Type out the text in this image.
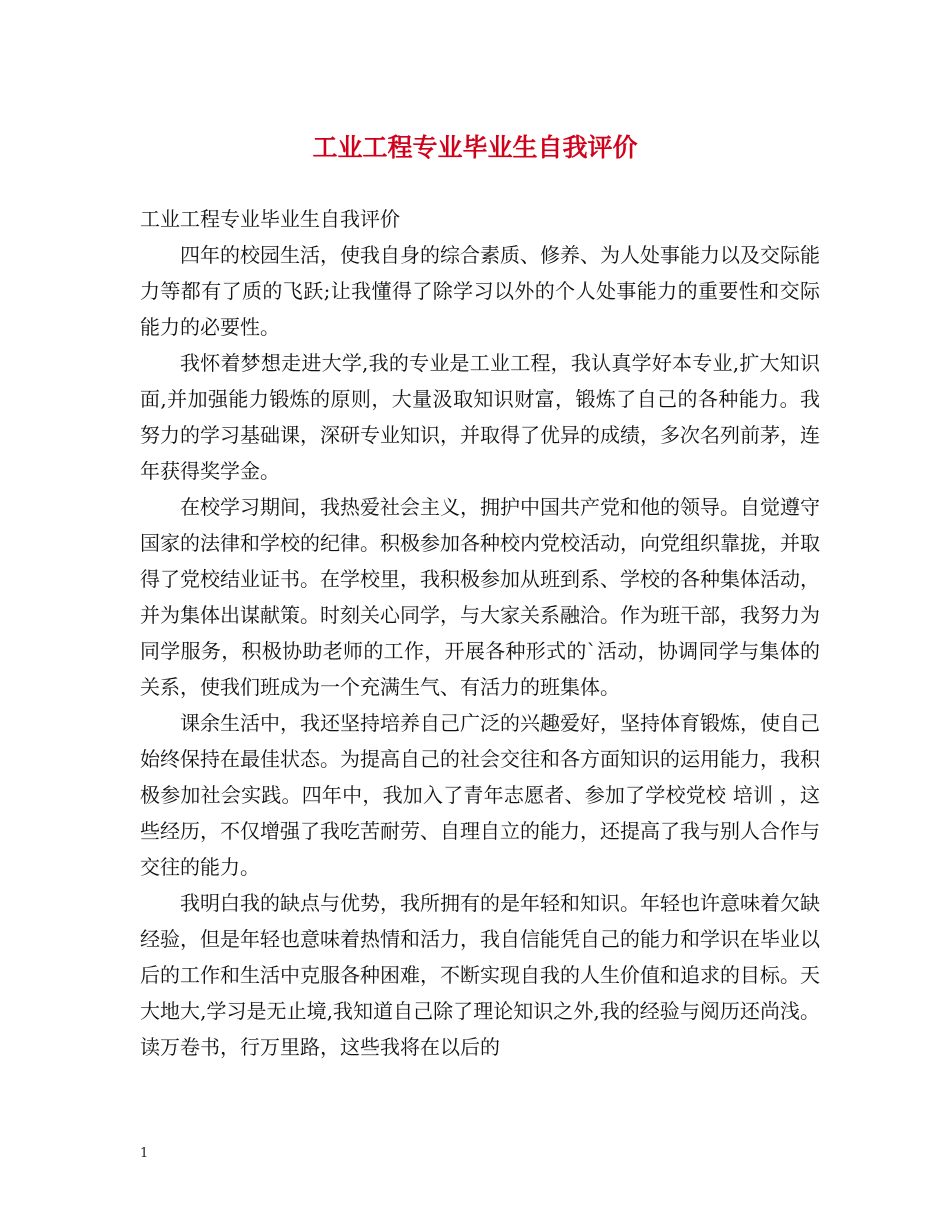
工业工程专业毕业生自我评价

工业工程专业毕业生自我评价

四年的校园生活，使我自身的综合素质、修养、为人处事能力以及交际能力等都有了质的飞跃;让我懂得了除学习以外的个人处事能力的重要性和交际能力的必要性。

我怀着梦想走进大学,我的专业是工业工程，我认真学好本专业,扩大知识面,并加强能力锻炼的原则，大量汲取知识财富，锻炼了自己的各种能力。我努力的学习基础课，深研专业知识，并取得了优异的成绩，多次名列前茅，连年获得奖学金。

在校学习期间，我热爱社会主义，拥护中国共产党和他的领导。自觉遵守国家的法律和学校的纪律。积极参加各种校内党校活动，向党组织靠拢，并取得了党校结业证书。在学校里，我积极参加从班到系、学校的各种集体活动，并为集体出谋献策。时刻关心同学，与大家关系融洽。作为班干部，我努力为同学服务，积极协助老师的工作，开展各种形式的`活动，协调同学与集体的关系，使我们班成为一个充满生气、有活力的班集体。

课余生活中，我还坚持培养自己广泛的兴趣爱好，坚持体育锻炼，使自己始终保持在最佳状态。为提高自己的社会交往和各方面知识的运用能力，我积极参加社会实践。四年中，我加入了青年志愿者、参加了学校党校 培训 ，这些经历，不仅增强了我吃苦耐劳、自理自立的能力，还提高了我与别人合作与交往的能力。

我明白我的缺点与优势，我所拥有的是年轻和知识。年轻也许意味着欠缺经验，但是年轻也意味着热情和活力，我自信能凭自己的能力和学识在毕业以后的工作和生活中克服各种困难，不断实现自我的人生价值和追求的目标。天大地大,学习是无止境,我知道自己除了理论知识之外,我的经验与阅历还尚浅。读万卷书，行万里路，这些我将在以后的

1
